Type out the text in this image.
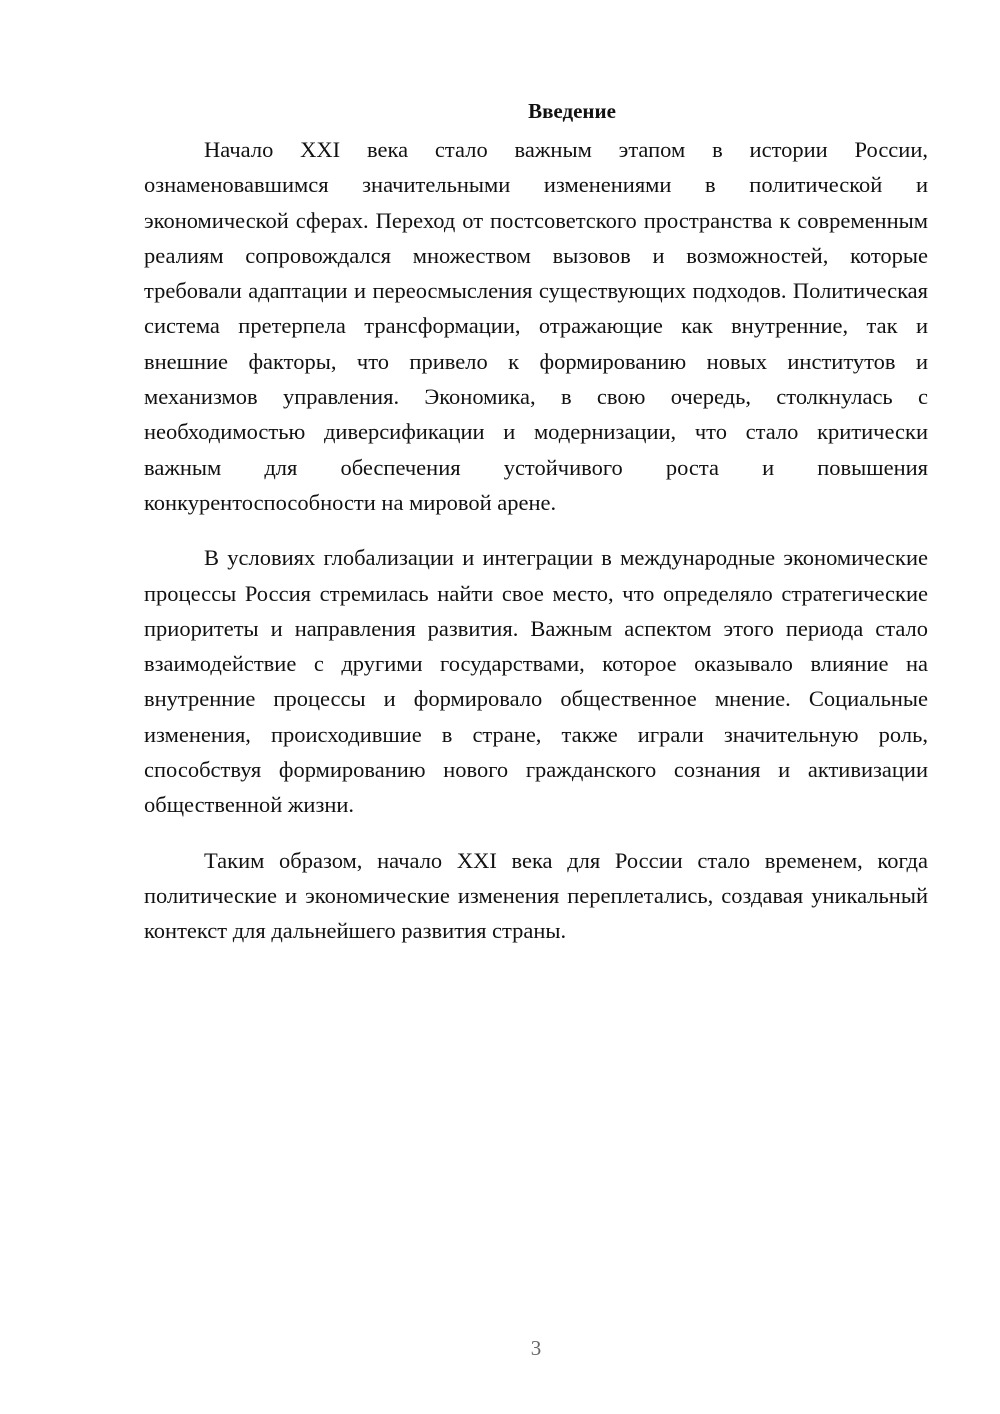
Введение

Начало XXI века стало важным этапом в истории России, ознаменовавшимся значительными изменениями в политической и экономической сферах. Переход от постсоветского пространства к современным реалиям сопровождался множеством вызовов и возможностей, которые требовали адаптации и переосмысления существующих подходов. Политическая система претерпела трансформации, отражающие как внутренние, так и внешние факторы, что привело к формированию новых институтов и механизмов управления. Экономика, в свою очередь, столкнулась с необходимостью диверсификации и модернизации, что стало критически важным для обеспечения устойчивого роста и повышения конкурентоспособности на мировой арене.

В условиях глобализации и интеграции в международные экономические процессы Россия стремилась найти свое место, что определяло стратегические приоритеты и направления развития. Важным аспектом этого периода стало взаимодействие с другими государствами, которое оказывало влияние на внутренние процессы и формировало общественное мнение. Социальные изменения, происходившие в стране, также играли значительную роль, способствуя формированию нового гражданского сознания и активизации общественной жизни.

Таким образом, начало XXI века для России стало временем, когда политические и экономические изменения переплетались, создавая уникальный контекст для дальнейшего развития страны.

3
